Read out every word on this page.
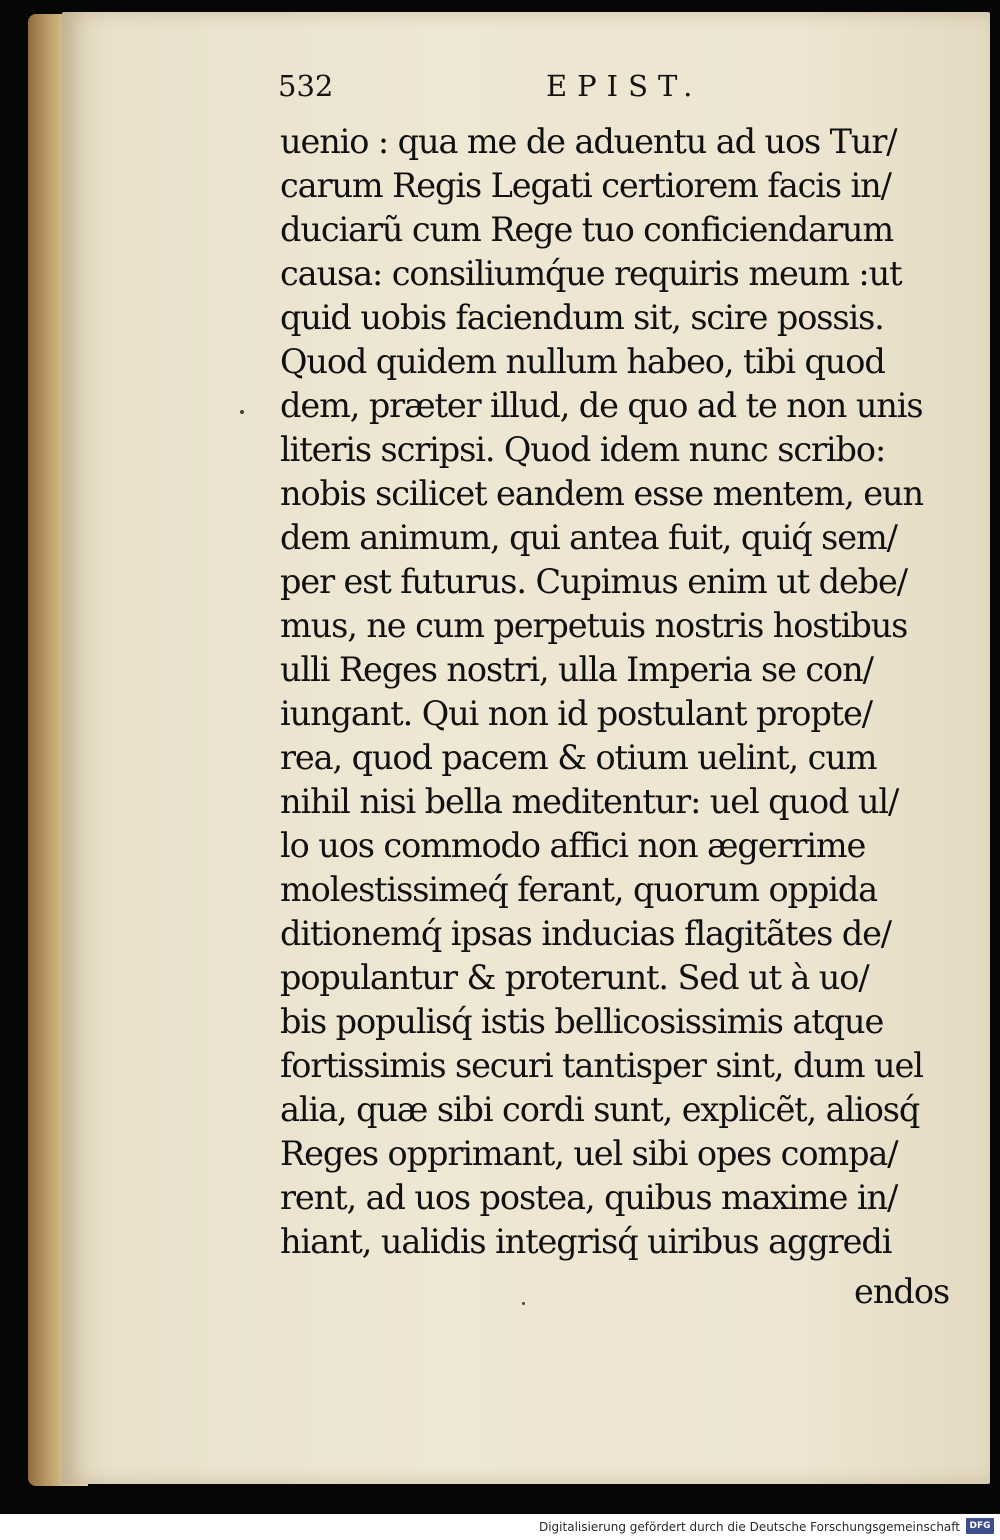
532	EPIST.
uenio : qua me de aduentu ad uos Tur/
carum Regis Legati certiorem facis in/
duciarũ cum Rege tuo conficiendarum
causa: consiliumq́ue requiris meum :ut
quid uobis faciendum sit, scire possis.
Quod quidem nullum habeo, tibi quod
dem, præter illud, de quo ad te non unis
literis scripsi. Quod idem nunc scribo:
nobis scilicet eandem esse mentem, eun
dem animum, qui antea fuit, quiq́ sem/
per est futurus. Cupimus enim ut debe/
mus, ne cum perpetuis nostris hostibus
ulli Reges nostri, ulla Imperia se con/
iungant. Qui non id postulant propte/
rea, quod pacem & otium uelint, cum
nihil nisi bella meditentur: uel quod ul/
lo uos commodo affici non ægerrime
molestissimeq́ ferant, quorum oppida
ditionemq́ ipsas inducias flagitãtes de/
populantur & proterunt. Sed ut à uo/
bis populisq́ istis bellicosissimis atque
fortissimis securi tantisper sint, dum uel
alia, quæ sibi cordi sunt, explicẽt, aliosq́
Reges opprimant, uel sibi opes compa/
rent, ad uos postea, quibus maxime in/
hiant, ualidis integrisq́ uiribus aggredi
endos
Digitalisierung gefördert durch die Deutsche Forschungsgemeinschaft	DFG
